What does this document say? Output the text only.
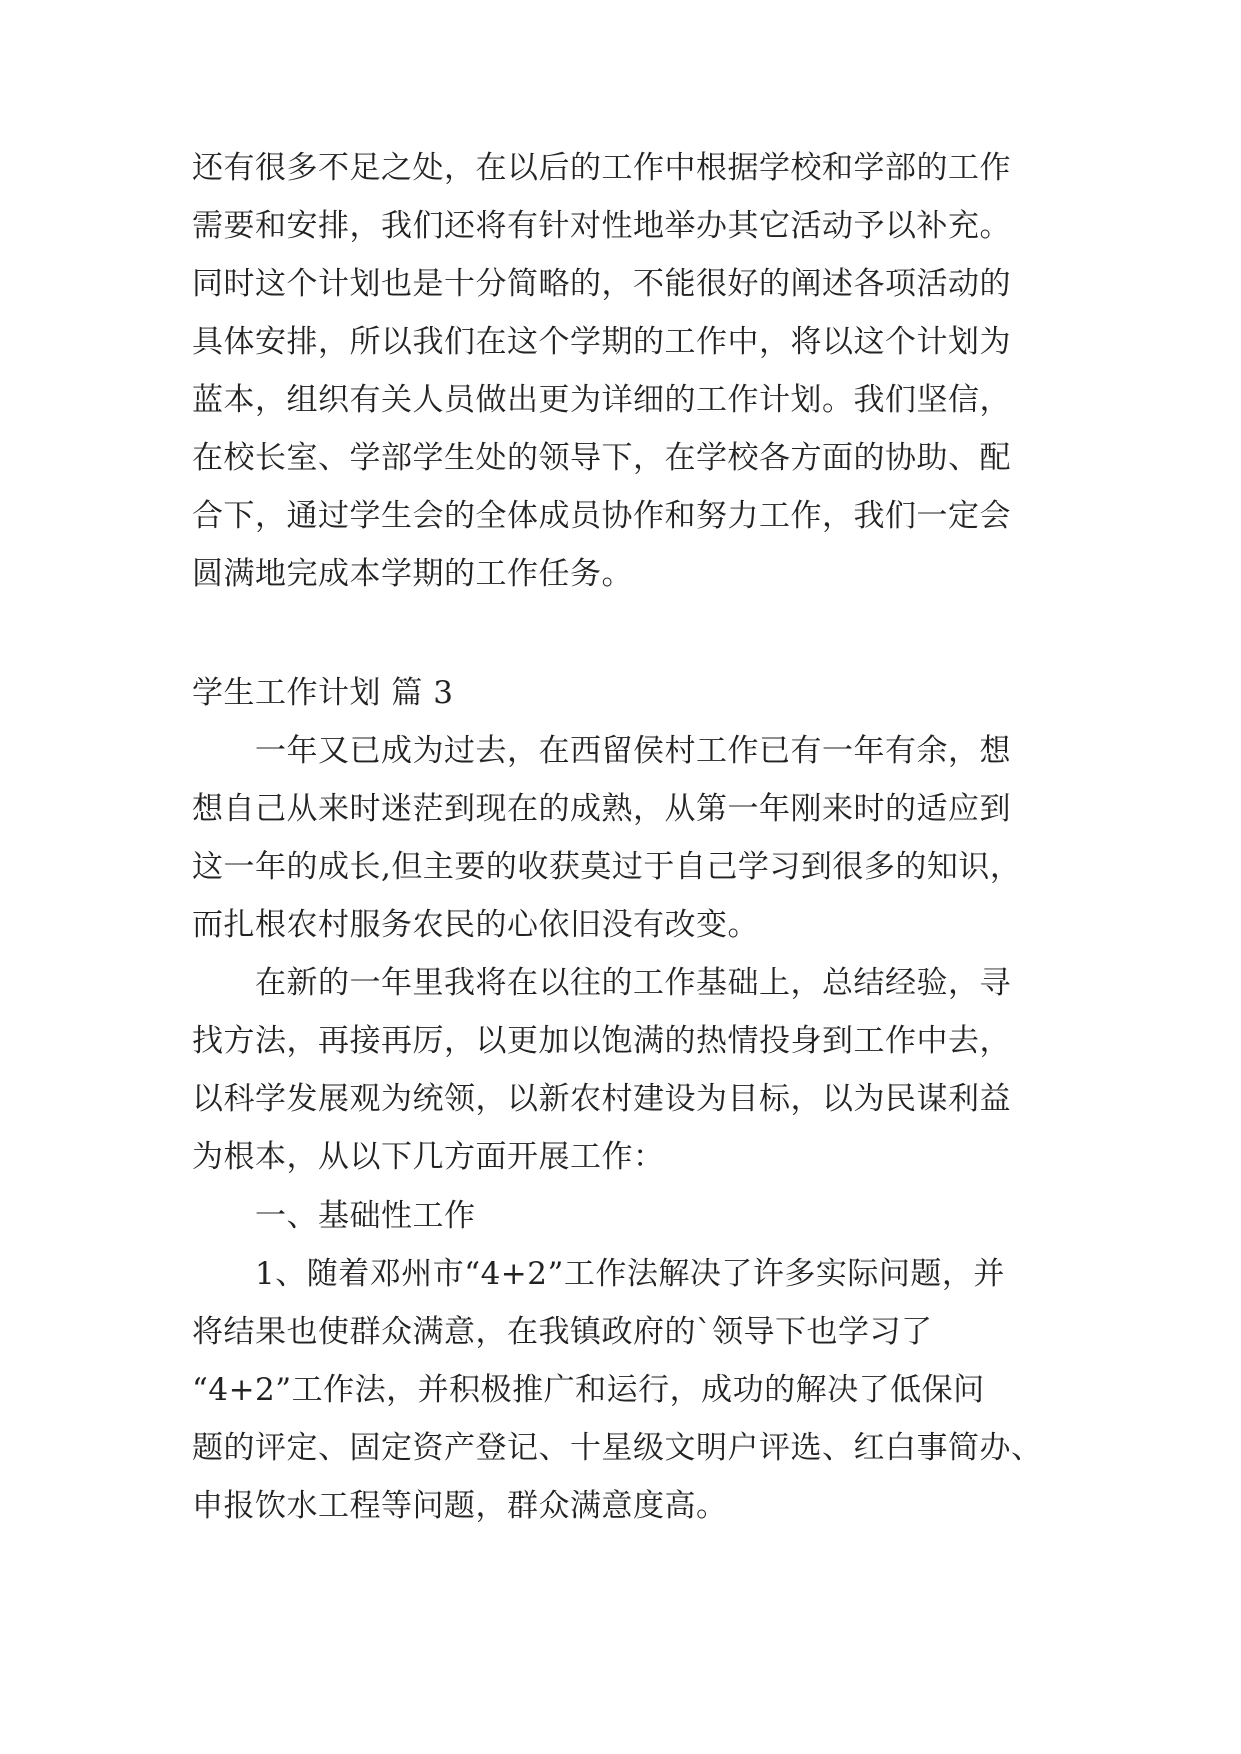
还有很多不足之处，在以后的工作中根据学校和学部的工作
需要和安排，我们还将有针对性地举办其它活动予以补充。
同时这个计划也是十分简略的，不能很好的阐述各项活动的
具体安排，所以我们在这个学期的工作中，将以这个计划为
蓝本，组织有关人员做出更为详细的工作计划。我们坚信，
在校长室、学部学生处的领导下，在学校各方面的协助、配
合下，通过学生会的全体成员协作和努力工作，我们一定会
圆满地完成本学期的工作任务。
学生工作计划 篇 3
一年又已成为过去，在西留侯村工作已有一年有余，想
想自己从来时迷茫到现在的成熟，从第一年刚来时的适应到
这一年的成长,但主要的收获莫过于自己学习到很多的知识，
而扎根农村服务农民的心依旧没有改变。
在新的一年里我将在以往的工作基础上，总结经验，寻
找方法，再接再厉，以更加以饱满的热情投身到工作中去，
以科学发展观为统领，以新农村建设为目标，以为民谋利益
为根本，从以下几方面开展工作：
一、基础性工作
1、随着邓州市“4+2”工作法解决了许多实际问题，并
将结果也使群众满意，在我镇政府的`领导下也学习了
“4+2”工作法，并积极推广和运行，成功的解决了低保问
题的评定、固定资产登记、十星级文明户评选、红白事简办、
申报饮水工程等问题，群众满意度高。
